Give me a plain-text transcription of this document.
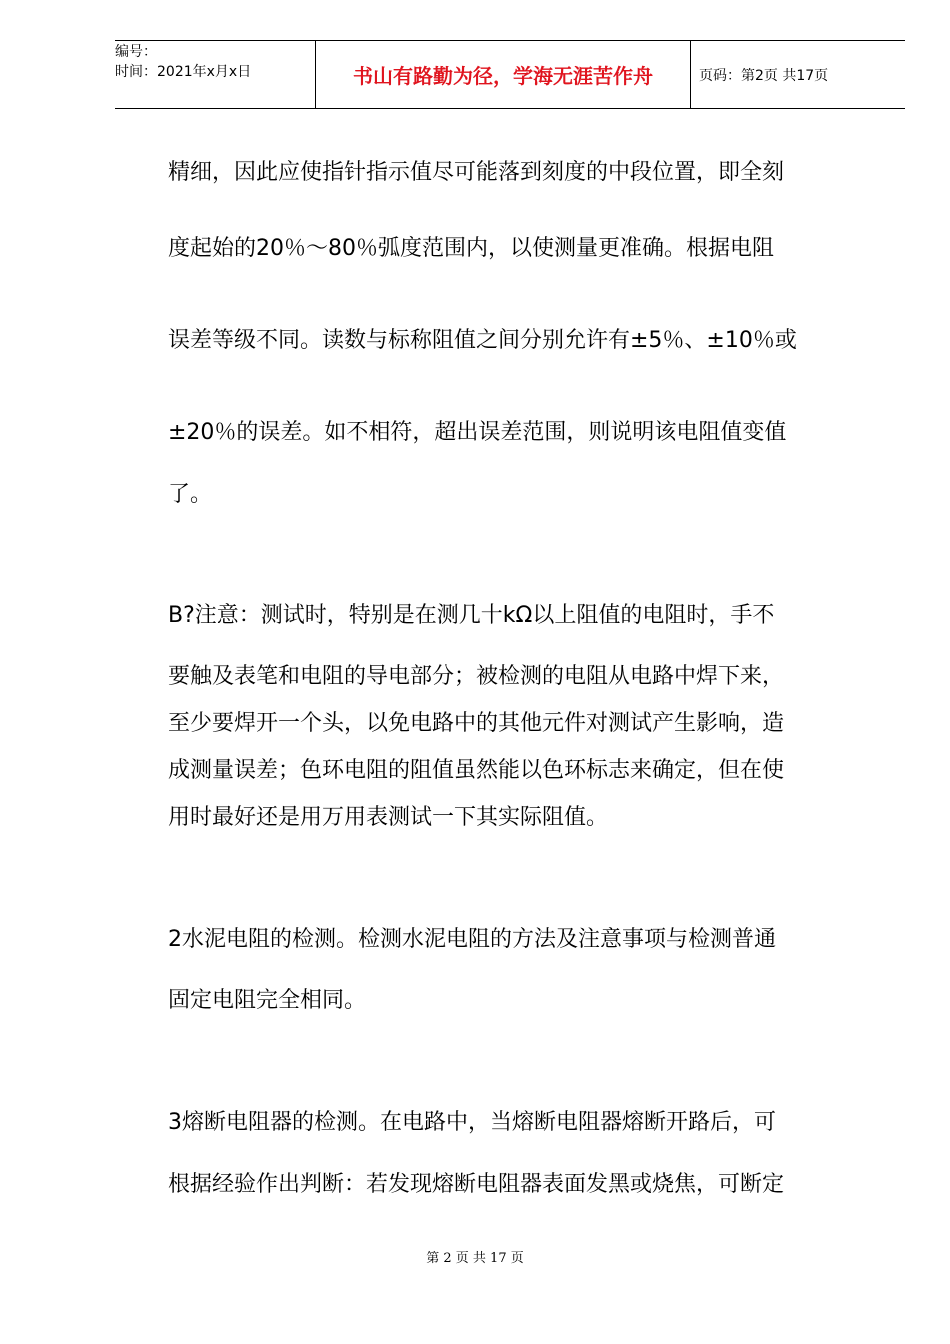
编号：
时间：2021年x月x日	书山有路勤为径，学海无涯苦作舟	页码：第2页 共17页
精细，因此应使指针指示值尽可能落到刻度的中段位置，即全刻
度起始的20％～80％弧度范围内，以使测量更准确。根据电阻
误差等级不同。读数与标称阻值之间分别允许有±5％、±10％或
±20％的误差。如不相符，超出误差范围，则说明该电阻值变值
了。
B?注意：测试时，特别是在测几十kΩ以上阻值的电阻时，手不
要触及表笔和电阻的导电部分；被检测的电阻从电路中焊下来，
至少要焊开一个头，以免电路中的其他元件对测试产生影响，造
成测量误差；色环电阻的阻值虽然能以色环标志来确定，但在使
用时最好还是用万用表测试一下其实际阻值。
2水泥电阻的检测。检测水泥电阻的方法及注意事项与检测普通
固定电阻完全相同。
3熔断电阻器的检测。在电路中，当熔断电阻器熔断开路后，可
根据经验作出判断：若发现熔断电阻器表面发黑或烧焦，可断定
第 2 页 共 17 页
